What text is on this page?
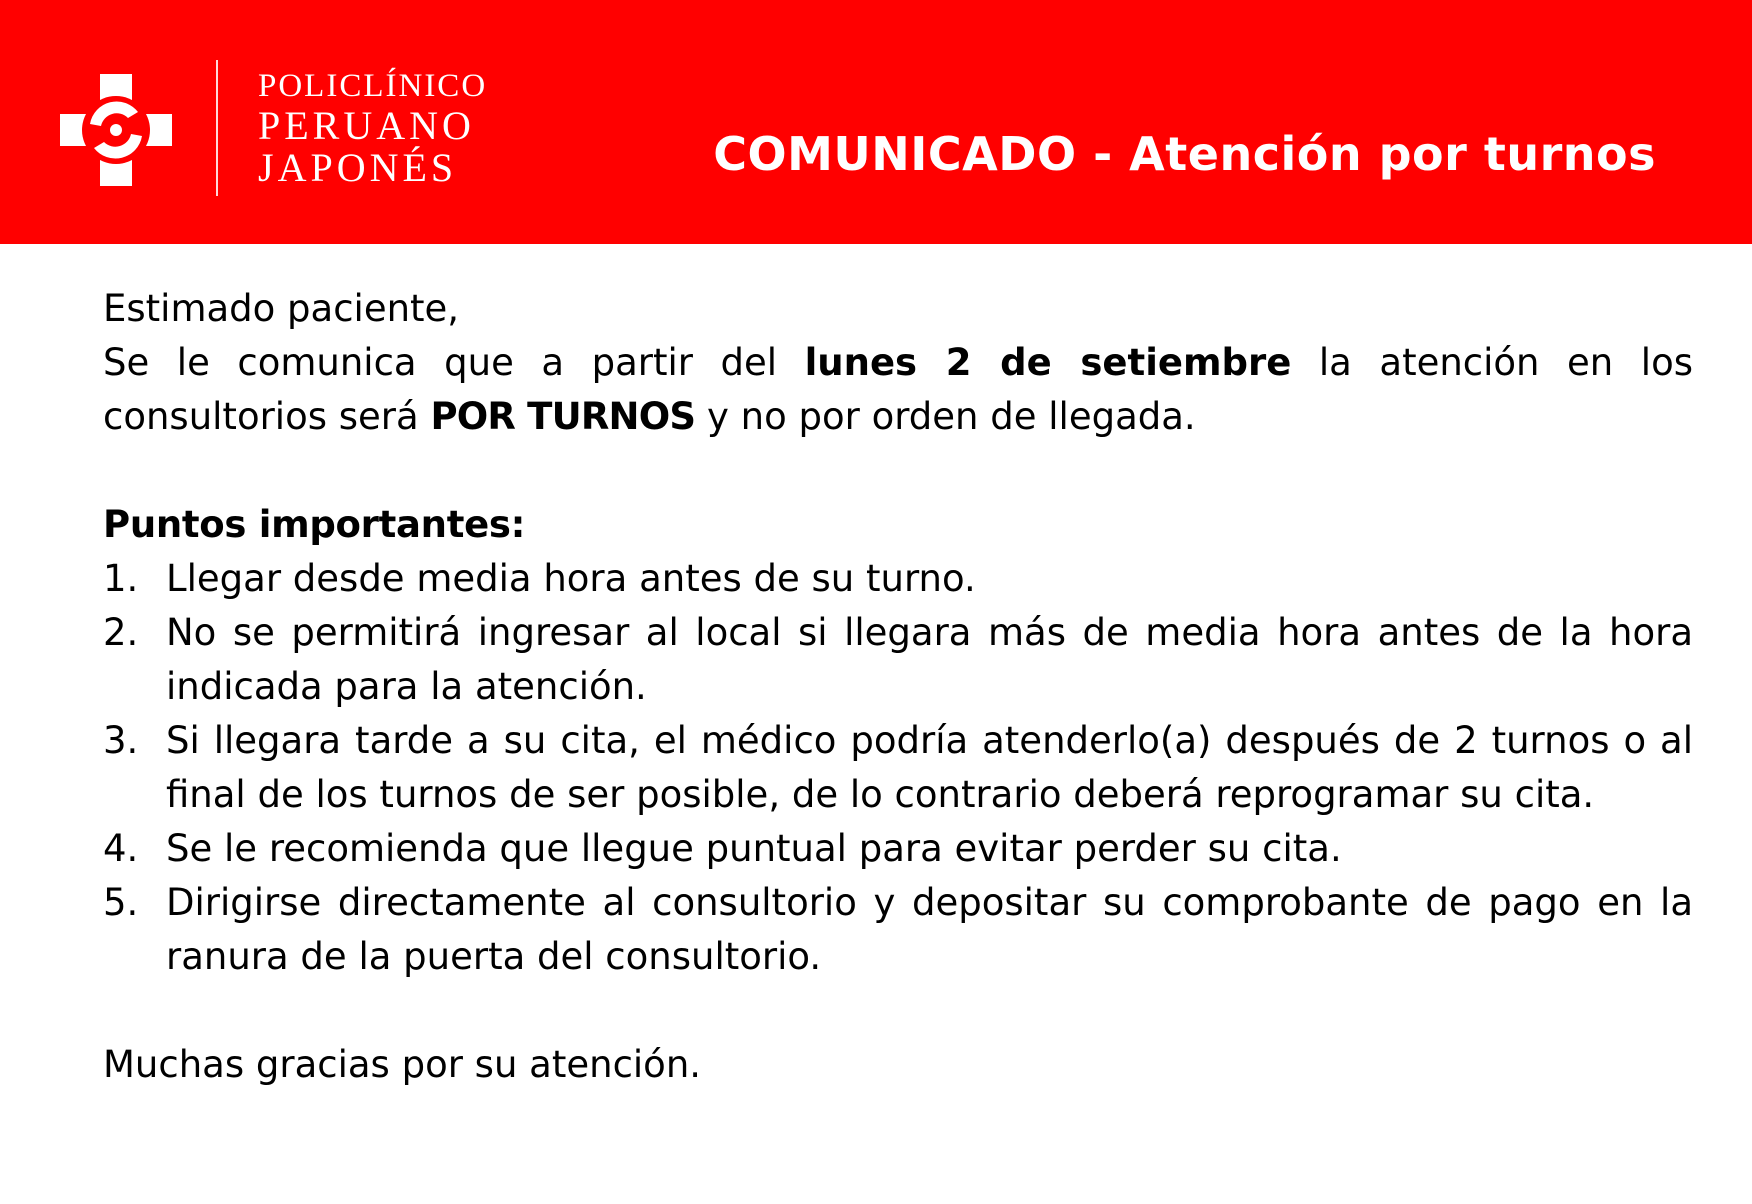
POLICLÍNICO
PERUANO
JAPONÉS	COMUNICADO - Atención por turnos

Estimado paciente,

Se le comunica que a partir del lunes 2 de setiembre la atención en los consultorios será POR TURNOS y no por orden de llegada.

Puntos importantes:

1. Llegar desde media hora antes de su turno.
2. No se permitirá ingresar al local si llegara más de media hora antes de la hora indicada para la atención.
3. Si llegara tarde a su cita, el médico podría atenderlo(a) después de 2 turnos o al final de los turnos de ser posible, de lo contrario deberá reprogramar su cita.
4. Se le recomienda que llegue puntual para evitar perder su cita.
5. Dirigirse directamente al consultorio y depositar su comprobante de pago en la ranura de la puerta del consultorio.

Muchas gracias por su atención.
